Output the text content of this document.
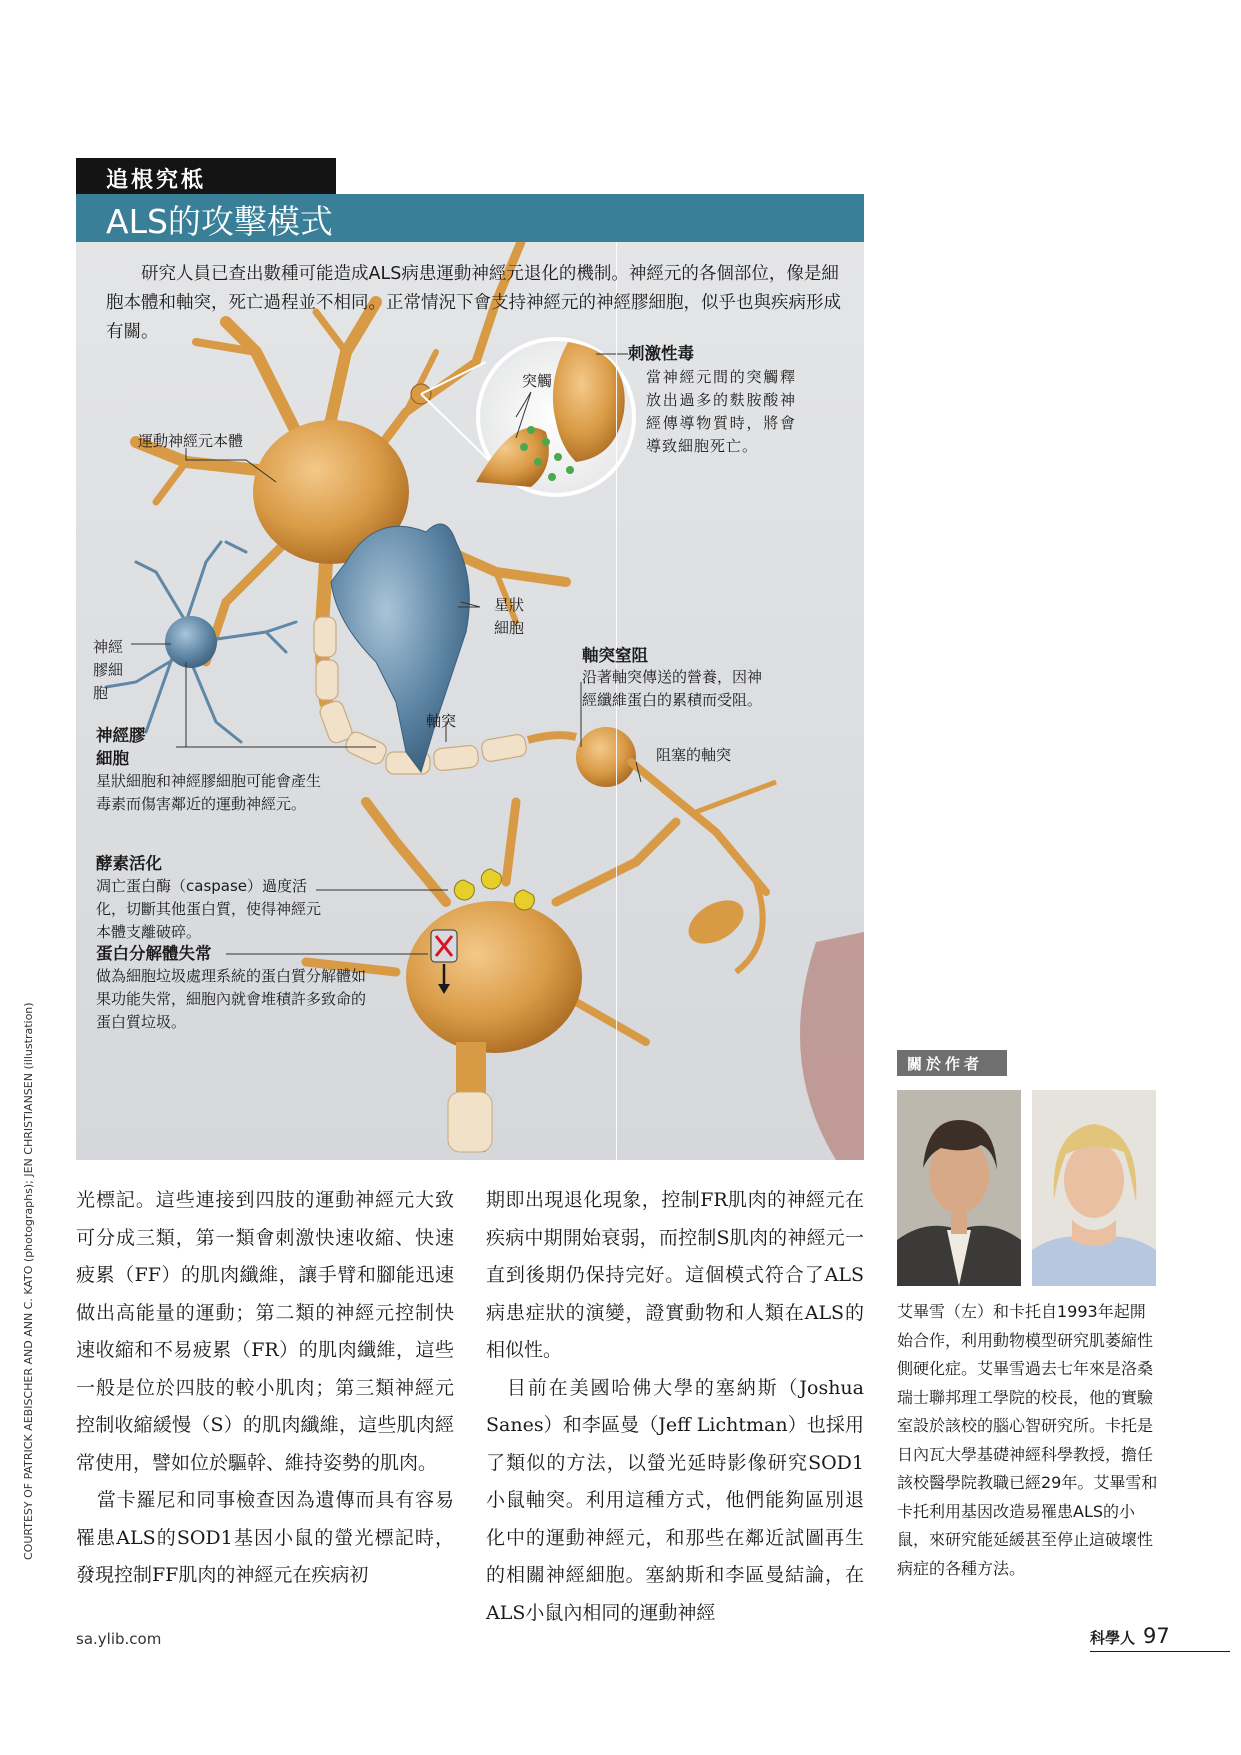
追根究柢
ALS的攻擊模式
研究人員已查出數種可能造成ALS病患運動神經元退化的機制。神經元的各個部位，像是細胞本體和軸突，死亡過程並不相同。正常情況下會支持神經元的神經膠細胞，似乎也與疾病形成有關。
運動神經元本體
突觸
刺激性毒
當神經元間的突觸釋放出過多的麩胺酸神經傳導物質時，將會導致細胞死亡。
星狀細胞
神經膠細胞
軸突
軸突窒阻
沿著軸突傳送的營養，因神經纖維蛋白的累積而受阻。
阻塞的軸突
神經膠細胞
星狀細胞和神經膠細胞可能會產生毒素而傷害鄰近的運動神經元。
酵素活化
凋亡蛋白酶（caspase）過度活化，切斷其他蛋白質，使得神經元本體支離破碎。
蛋白分解體失常
做為細胞垃圾處理系統的蛋白質分解體如果功能失常，細胞內就會堆積許多致命的蛋白質垃圾。
COURTESY OF PATRICK AEBISCHER AND ANN C. KATO (photographs); JEN CHRISTIANSEN (illustration) 光標記。這些連接到四肢的運動神經元大致可分成三類，第一類會刺激快速收縮、快速疲累（FF）的肌肉纖維，讓手臂和腳能迅速做出高能量的運動；第二類的神經元控制快速收縮和不易疲累（FR）的肌肉纖維，這些一般是位於四肢的較小肌肉；第三類神經元控制收縮緩慢（S）的肌肉纖維，這些肌肉經常使用，譬如位於驅幹、維持姿勢的肌肉。

當卡羅尼和同事檢查因為遺傳而具有容易罹患ALS的SOD1基因小鼠的螢光標記時，發現控制FF肌肉的神經元在疾病初

期即出現退化現象，控制FR肌肉的神經元在疾病中期開始衰弱，而控制S肌肉的神經元一直到後期仍保持完好。這個模式符合了ALS病患症狀的演變，證實動物和人類在ALS的相似性。

目前在美國哈佛大學的塞納斯（Joshua Sanes）和李區曼（Jeff Lichtman）也採用了類似的方法，以螢光延時影像研究SOD1小鼠軸突。利用這種方式，他們能夠區別退化中的運動神經元，和那些在鄰近試圖再生的相關神經細胞。塞納斯和李區曼結論，在ALS小鼠內相同的運動神經

關於作者
艾畢雪（左）和卡托自1993年起開始合作，利用動物模型研究肌萎縮性側硬化症。艾畢雪過去七年來是洛桑瑞士聯邦理工學院的校長，他的實驗室設於該校的腦心智研究所。卡托是日內瓦大學基礎神經科學教授，擔任該校醫學院教職已經29年。艾畢雪和卡托利用基因改造易罹患ALS的小鼠，來研究能延緩甚至停止這破壞性病症的各種方法。
sa.ylib.com	科學人 97
